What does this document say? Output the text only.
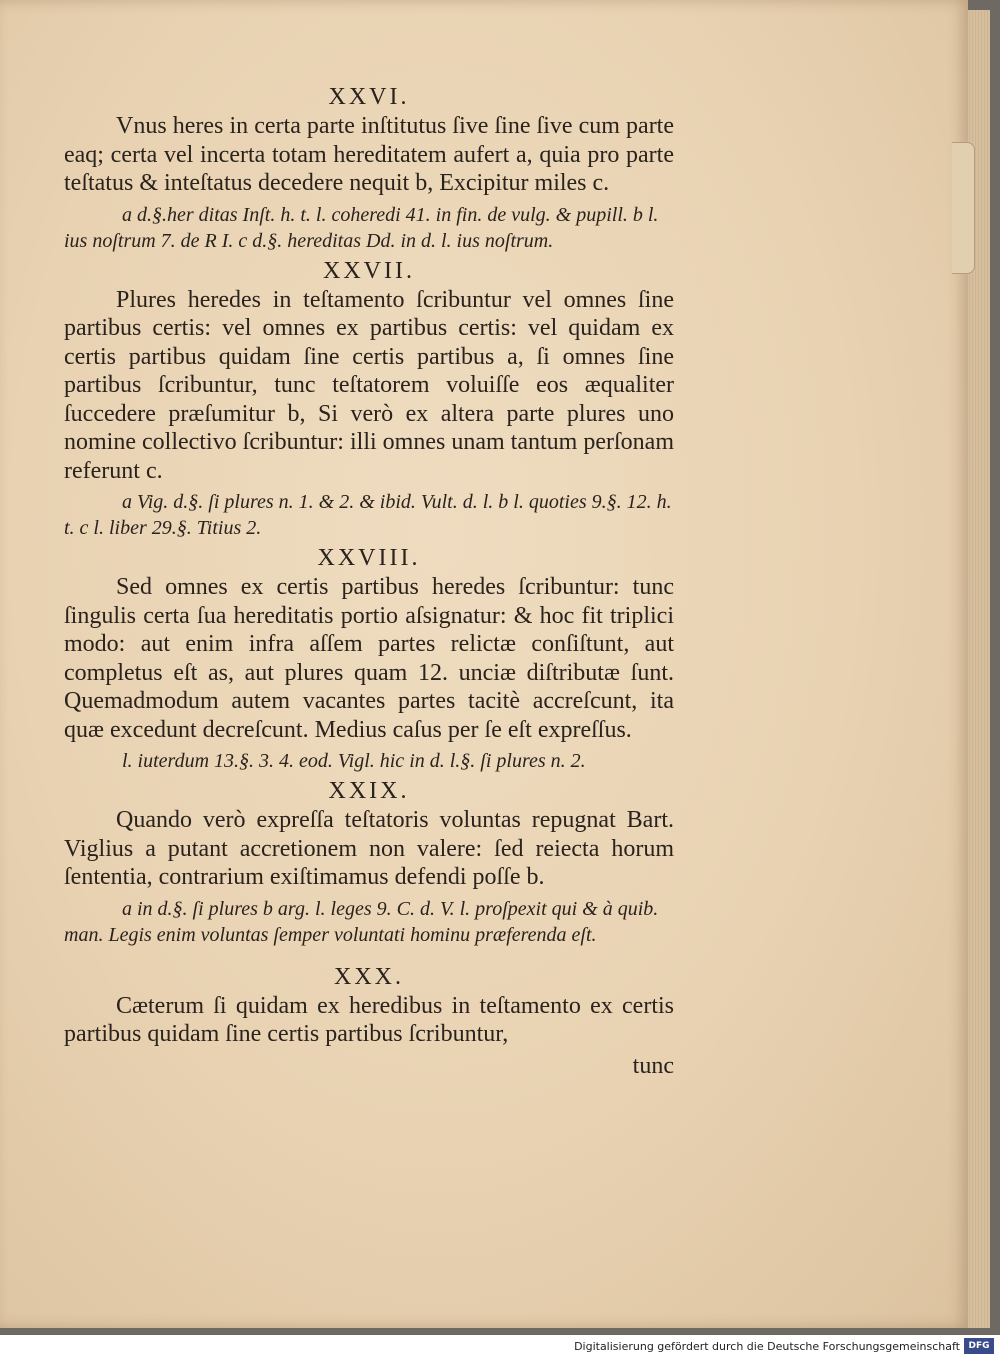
XXVI.

Vnus heres in certa parte inſtitutus ſive ſine ſive cum parte eaq; certa vel incerta totam hereditatem aufert a, quia pro parte teſtatus & inteſtatus decedere nequit b, Excipitur miles c.

a d.§.her ditas Inſt. h. t. l. coheredi 41. in fin. de vulg. & pupill. b l. ius noſtrum 7. de R I. c d.§. hereditas Dd. in d. l. ius noſtrum.

XXVII.

Plures heredes in teſtamento ſcribuntur vel omnes ſine partibus certis: vel omnes ex partibus certis: vel quidam ex certis partibus quidam ſine certis partibus a, ſi omnes ſine partibus ſcribuntur, tunc teſtatorem voluiſſe eos æqualiter ſuccedere præſumitur b, Si verò ex altera parte plures uno nomine collectivo ſcribuntur: illi omnes unam tantum perſonam referunt c.

a Vig. d.§. ſi plures n. 1. & 2. & ibid. Vult. d. l. b l. quoties 9.§. 12. h. t. c l. liber 29.§. Titius 2.

XXVIII.

Sed omnes ex certis partibus heredes ſcribuntur: tunc ſingulis certa ſua hereditatis portio aſsignatur: & hoc fit triplici modo: aut enim infra aſſem partes relictæ conſiſtunt, aut completus eſt as, aut plures quam 12. unciæ diſtributæ ſunt. Quemadmodum autem vacantes partes tacitè accreſcunt, ita quæ excedunt decreſcunt. Medius caſus per ſe eſt expreſſus.

l. iuterdum 13.§. 3. 4. eod. Vigl. hic in d. l.§. ſi plures n. 2.

XXIX.

Quando verò expreſſa teſtatoris voluntas repugnat Bart. Viglius a putant accretionem non valere: ſed reiecta horum ſententia, contrarium exiſtimamus defendi poſſe b.

a in d.§. ſi plures b arg. l. leges 9. C. d. V. l. proſpexit qui & à quib. man. Legis enim voluntas ſemper voluntati hominu præferenda eſt.

XXX.

Cæterum ſi quidam ex heredibus in teſtamento ex certis partibus quidam ſine certis partibus ſcribuntur,

tunc
Digitalisierung gefördert durch die Deutsche Forschungsgemeinschaft DFG
